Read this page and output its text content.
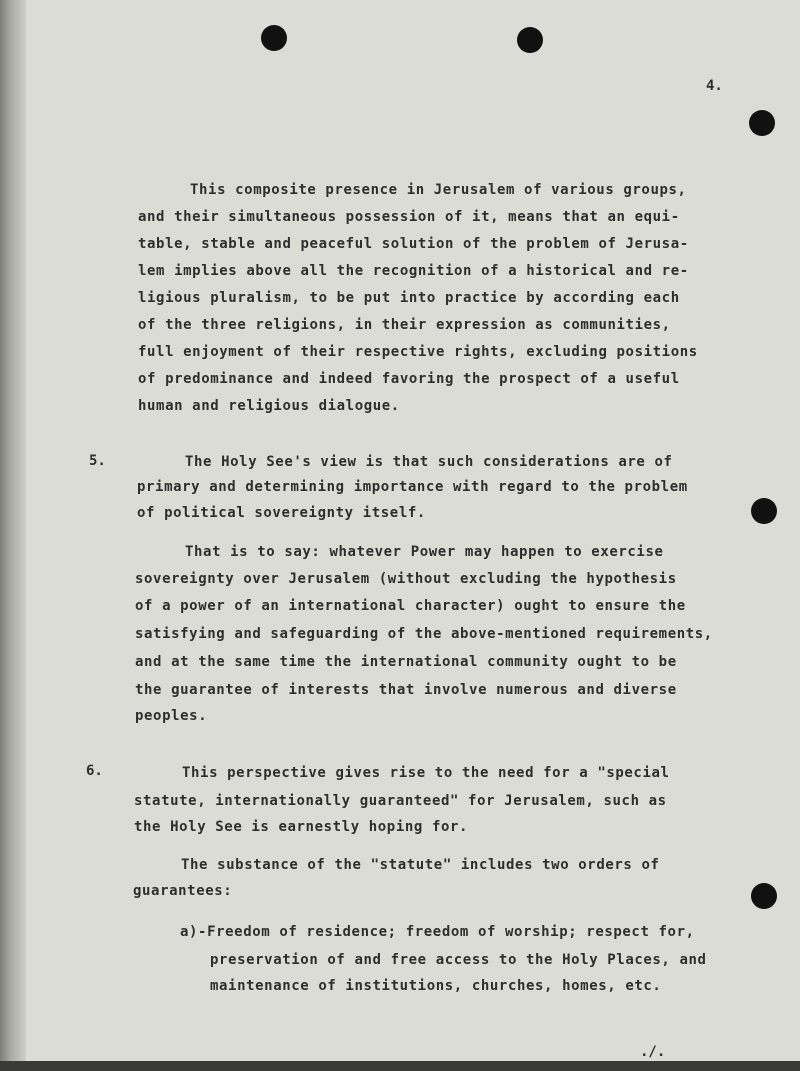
4.
This composite presence in Jerusalem of various groups,
and their simultaneous possession of it, means that an equi-
table, stable and peaceful solution of the problem of Jerusa-
lem implies above all the recognition of a historical and re-
ligious pluralism, to be put into practice by according each
of the three religions, in their expression as communities,
full enjoyment of their respective rights, excluding positions
of predominance and indeed favoring the prospect of a useful
human and religious dialogue.
5.	The Holy See's view is that such considerations are of
primary and determining importance with regard to the problem
of political sovereignty itself.
That is to say: whatever Power may happen to exercise
sovereignty over Jerusalem (without excluding the hypothesis
of a power of an international character) ought to ensure the
satisfying and safeguarding of the above-mentioned requirements,
and at the same time the international community ought to be
the guarantee of interests that involve numerous and diverse
peoples.
6.	This perspective gives rise to the need for a "special
statute, internationally guaranteed" for Jerusalem, such as
the Holy See is earnestly hoping for.
The substance of the "statute" includes two orders of
guarantees:
a)-Freedom of residence; freedom of worship; respect for,
preservation of and free access to the Holy Places, and
maintenance of institutions, churches, homes, etc.
./.
